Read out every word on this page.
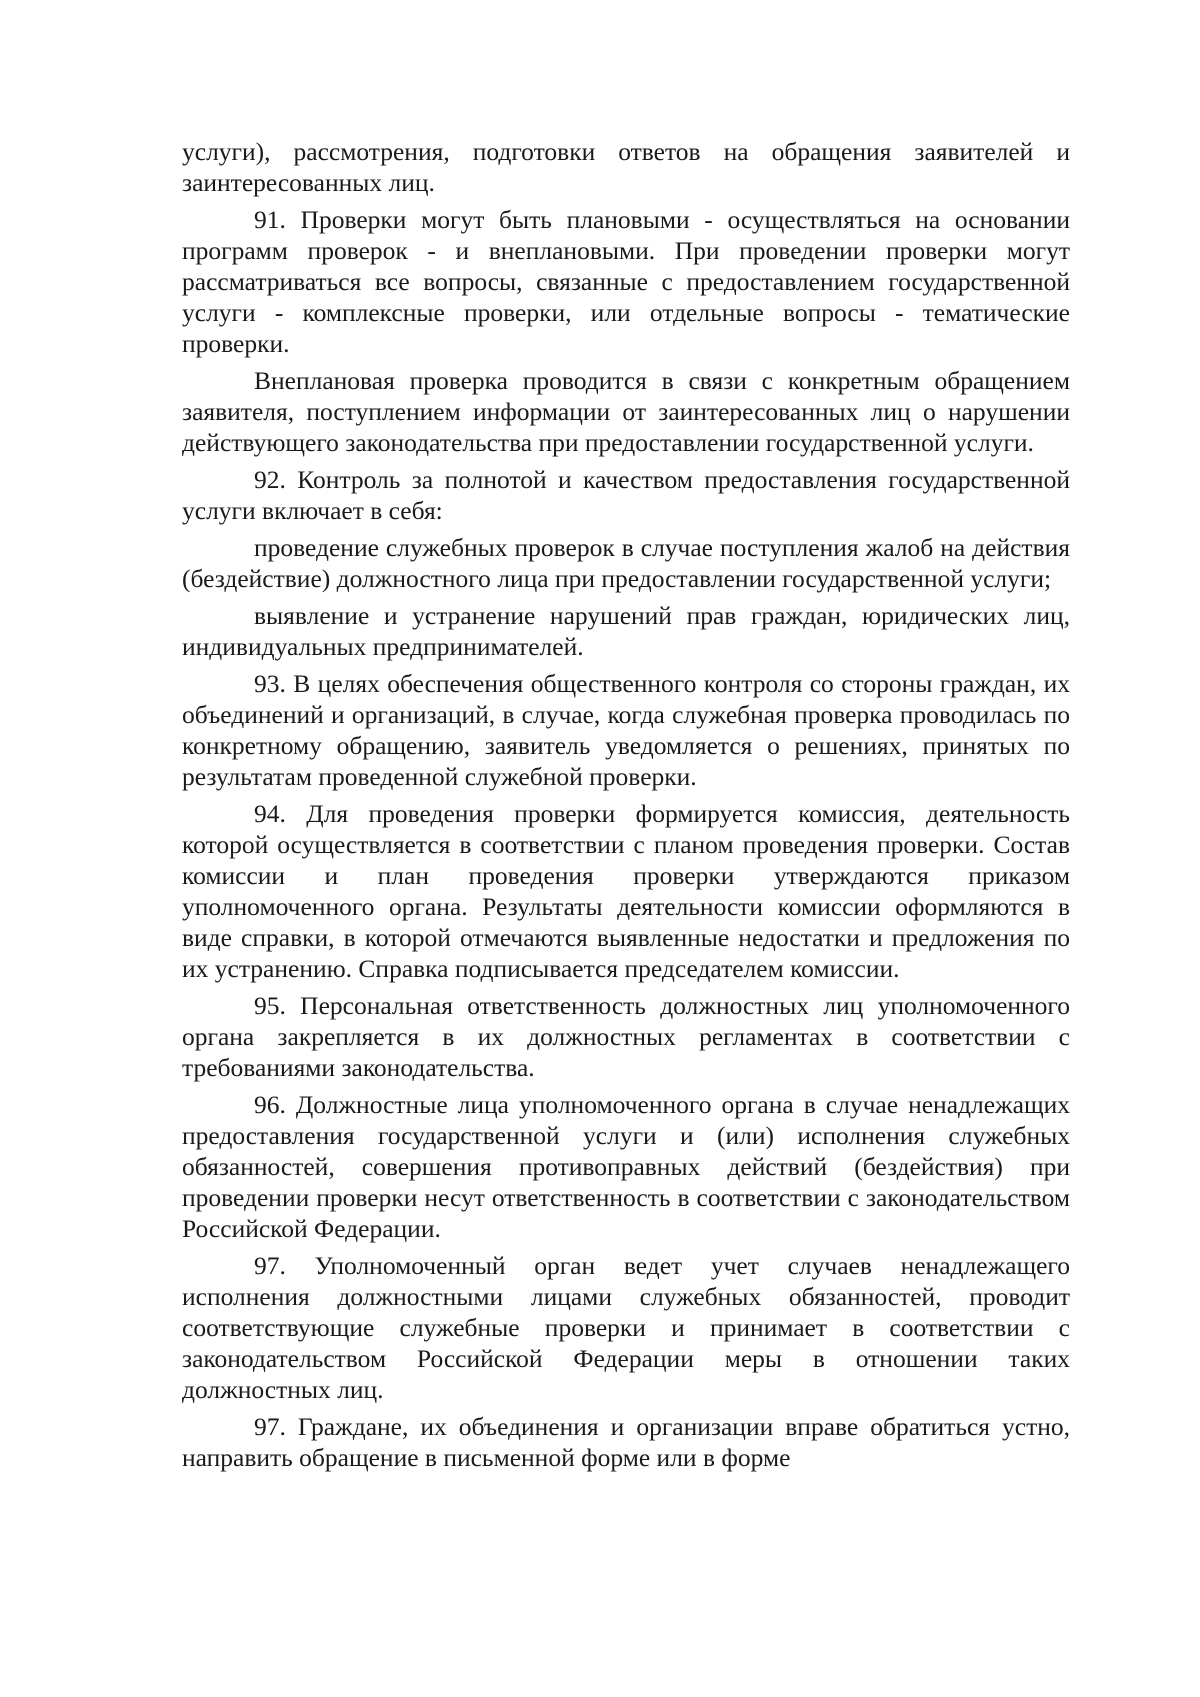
услуги), рассмотрения, подготовки ответов на обращения заявителей и заинтересованных лиц.

91. Проверки могут быть плановыми - осуществляться на основании программ проверок - и внеплановыми. При проведении проверки могут рассматриваться все вопросы, связанные с предоставлением государственной услуги - комплексные проверки, или отдельные вопросы - тематические проверки.

Внеплановая проверка проводится в связи с конкретным обращением заявителя, поступлением информации от заинтересованных лиц о нарушении действующего законодательства при предоставлении государственной услуги.

92. Контроль за полнотой и качеством предоставления государственной услуги включает в себя:

проведение служебных проверок в случае поступления жалоб на действия (бездействие) должностного лица при предоставлении государственной услуги;

выявление и устранение нарушений прав граждан, юридических лиц, индивидуальных предпринимателей.

93. В целях обеспечения общественного контроля со стороны граждан, их объединений и организаций, в случае, когда служебная проверка проводилась по конкретному обращению, заявитель уведомляется о решениях, принятых по результатам проведенной служебной проверки.

94. Для проведения проверки формируется комиссия, деятельность которой осуществляется в соответствии с планом проведения проверки. Состав комиссии и план проведения проверки утверждаются приказом уполномоченного органа. Результаты деятельности комиссии оформляются в виде справки, в которой отмечаются выявленные недостатки и предложения по их устранению. Справка подписывается председателем комиссии.

95. Персональная ответственность должностных лиц уполномоченного органа закрепляется в их должностных регламентах в соответствии с требованиями законодательства.

96. Должностные лица уполномоченного органа в случае ненадлежащих предоставления государственной услуги и (или) исполнения служебных обязанностей, совершения противоправных действий (бездействия) при проведении проверки несут ответственность в соответствии с законодательством Российской Федерации.

97. Уполномоченный орган ведет учет случаев ненадлежащего исполнения должностными лицами служебных обязанностей, проводит соответствующие служебные проверки и принимает в соответствии с законодательством Российской Федерации меры в отношении таких должностных лиц.

97. Граждане, их объединения и организации вправе обратиться устно, направить обращение в письменной форме или в форме
